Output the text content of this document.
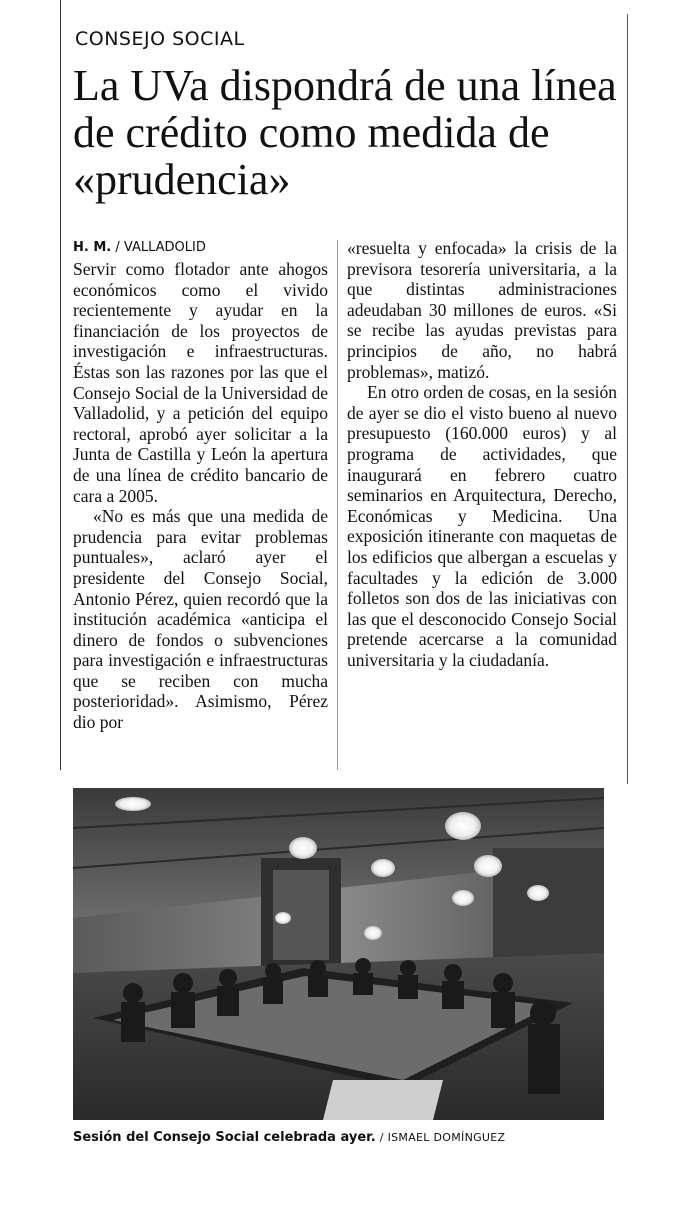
CONSEJO SOCIAL
La UVa dispondrá de una línea de crédito como medida de «prudencia»
H. M. / VALLADOLID

Servir como flotador ante ahogos económicos como el vivido recientemente y ayudar en la financiación de los proyectos de investigación e infraestructuras. Éstas son las razones por las que el Consejo Social de la Universidad de Valladolid, y a petición del equipo rectoral, aprobó ayer solicitar a la Junta de Castilla y León la apertura de una línea de crédito bancario de cara a 2005.

«No es más que una medida de prudencia para evitar problemas puntuales», aclaró ayer el presidente del Consejo Social, Antonio Pérez, quien recordó que la institución académica «anticipa el dinero de fondos o subvenciones para investigación e infraestructuras que se reciben con mucha posterioridad». Asimismo, Pérez dio por

«resuelta y enfocada» la crisis de la previsora tesorería universitaria, a la que distintas administraciones adeudaban 30 millones de euros. «Si se recibe las ayudas previstas para principios de año, no habrá problemas», matizó.

En otro orden de cosas, en la sesión de ayer se dio el visto bueno al nuevo presupuesto (160.000 euros) y al programa de actividades, que inaugurará en febrero cuatro seminarios en Arquitectura, Derecho, Económicas y Medicina. Una exposición itinerante con maquetas de los edificios que albergan a escuelas y facultades y la edición de 3.000 folletos son dos de las iniciativas con las que el desconocido Consejo Social pretende acercarse a la comunidad universitaria y la ciudadanía.

Sesión del Consejo Social celebrada ayer. / ISMAEL DOMÍNGUEZ
